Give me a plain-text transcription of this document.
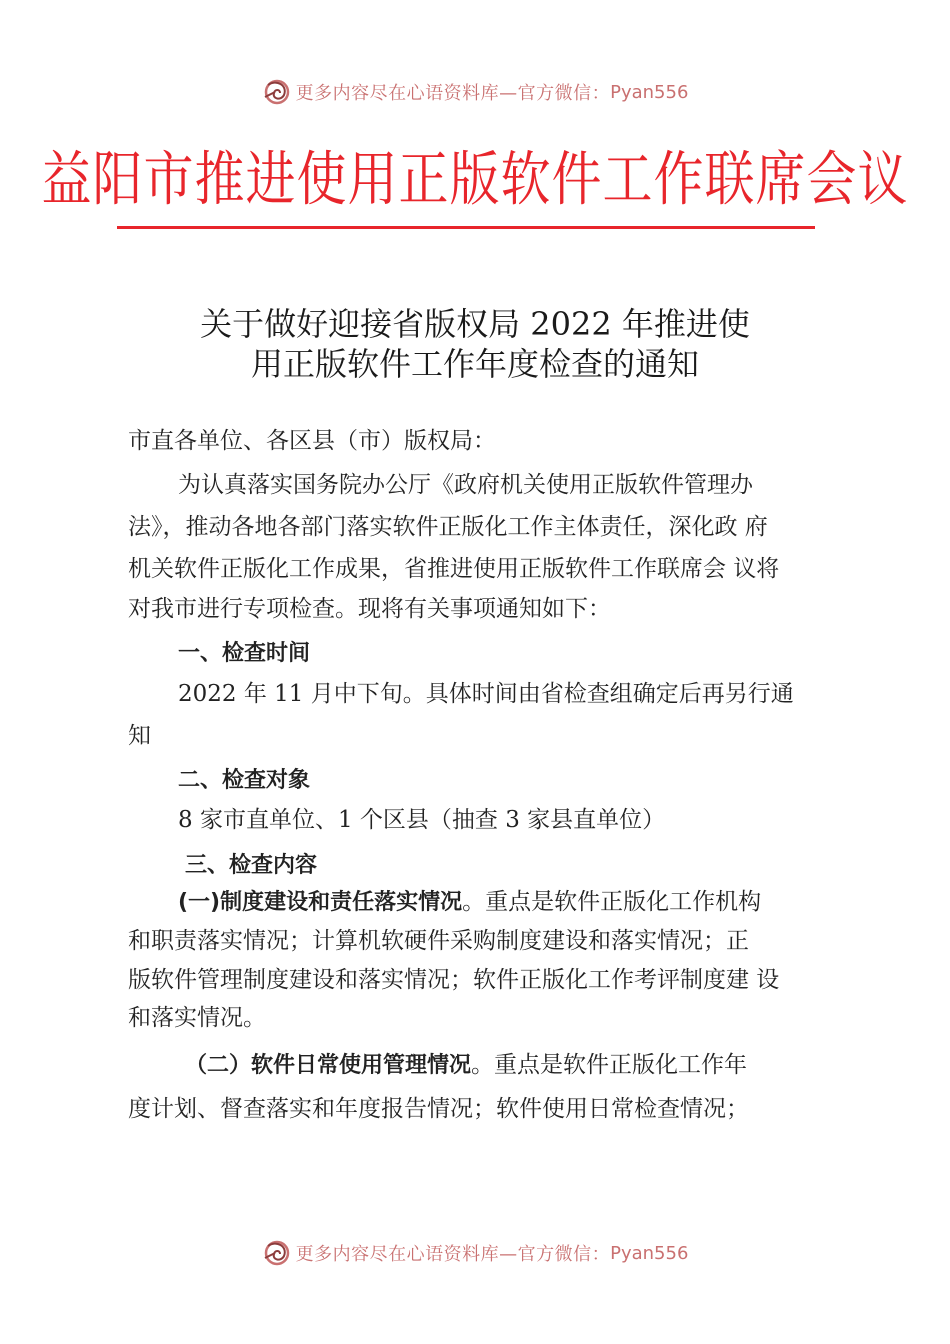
更多内容尽在心语资料库—官方微信： Pyan556
益阳市推进使用正版软件工作联席会议
关于做好迎接省版权局 2022 年推进使
用正版软件工作年度检查的通知
市直各单位、各区县（市）版权局：
为认真落实国务院办公厅《政府机关使用正版软件管理办
法》，推动各地各部门落实软件正版化工作主体责任，深化政 府
机关软件正版化工作成果，省推进使用正版软件工作联席会 议将
对我市进行专项检查。现将有关事项通知如下：
一、检查时间
2022 年 11 月中下旬。具体时间由省检查组确定后再另行通
知
二、检查对象
8 家市直单位、1 个区县（抽查 3 家县直单位）
三、检查内容
(一)制度建设和责任落实情况。重点是软件正版化工作机构
和职责落实情况；计算机软硬件采购制度建设和落实情况；正
版软件管理制度建设和落实情况；软件正版化工作考评制度建 设
和落实情况。
（二）软件日常使用管理情况。重点是软件正版化工作年
度计划、督查落实和年度报告情况；软件使用日常检查情况；
更多内容尽在心语资料库—官方微信： Pyan556
